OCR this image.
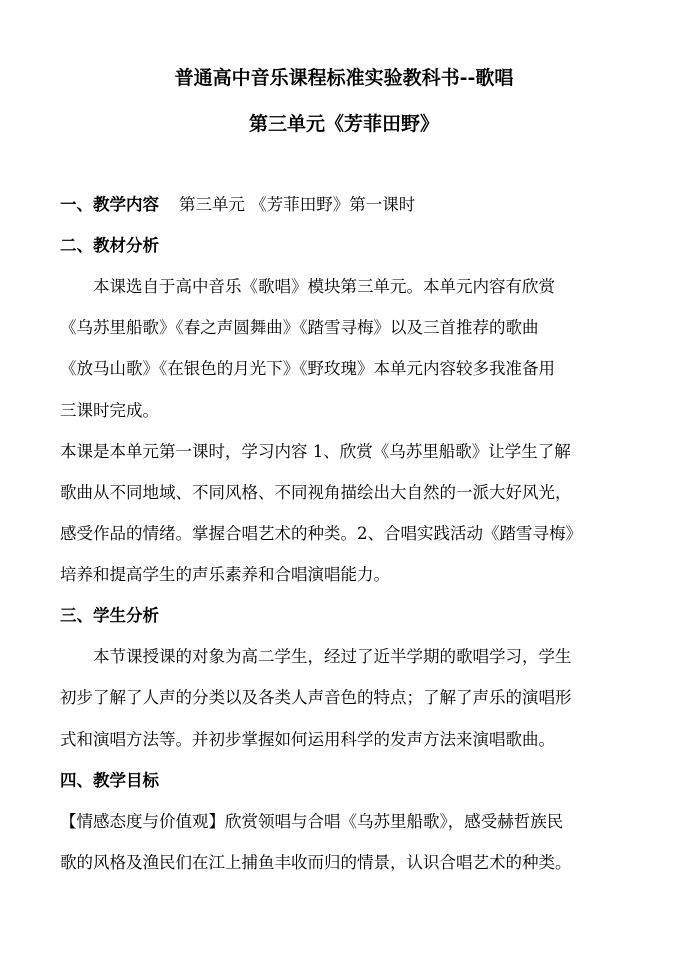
普通高中音乐课程标准实验教科书--歌唱
第三单元《芳菲田野》
一、教学内容 第三单元 《芳菲田野》第一课时
二、教材分析
本课选自于高中音乐《歌唱》模块第三单元。本单元内容有欣赏
《乌苏里船歌》《春之声圆舞曲》《踏雪寻梅》以及三首推荐的歌曲
《放马山歌》《在银色的月光下》《野玫瑰》本单元内容较多我准备用
三课时完成。
本课是本单元第一课时，学习内容 1、欣赏《乌苏里船歌》让学生了解
歌曲从不同地域、不同风格、不同视角描绘出大自然的一派大好风光，
感受作品的情绪。掌握合唱艺术的种类。2、合唱实践活动《踏雪寻梅》
培养和提高学生的声乐素养和合唱演唱能力。
三、学生分析
本节课授课的对象为高二学生，经过了近半学期的歌唱学习，学生
初步了解了人声的分类以及各类人声音色的特点；了解了声乐的演唱形
式和演唱方法等。并初步掌握如何运用科学的发声方法来演唱歌曲。
四、教学目标
【情感态度与价值观】欣赏领唱与合唱《乌苏里船歌》，感受赫哲族民
歌的风格及渔民们在江上捕鱼丰收而归的情景，认识合唱艺术的种类。
